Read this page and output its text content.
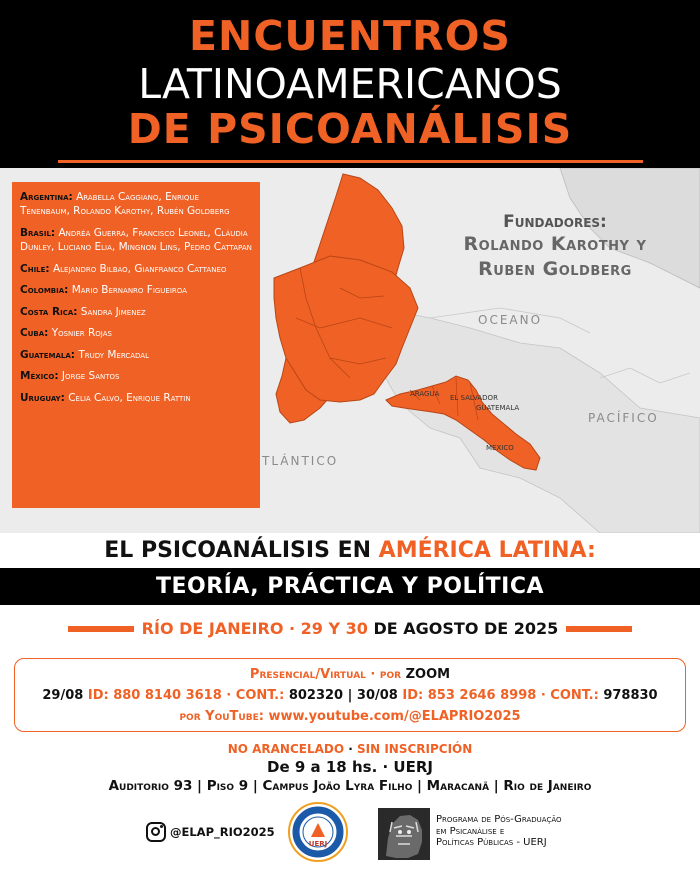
ENCUENTROS
LATINOAMERICANOS
DE PSICOANÁLISIS
OCEANO
PACÍFICO
TLÁNTICO
ARAGUA EL SALVADOR
GUATEMALA
MEXICO
Fundadores:
Rolando Karothy y
Ruben Goldberg
Argentina: Arabella Caggiano, Enrique Tenenbaum, Rolando Karothy, Rubén Goldberg
Brasil: Andréa Guerra, Francisco Leonel, Cláudia Dunley, Luciano Elia, Mingnon Lins, Pedro Cattapan
Chile: Alejandro Bilbao, Gianfranco Cattaneo
Colombia: Mario Bernanro Figueiroa
Costa Rica: Sandra Jimenez
Cuba: Yosnier Rojas
Guatemala: Trudy Mercadal
México: Jorge Santos
Uruguay: Celia Calvo, Enrique Rattin
EL PSICOANÁLISIS EN AMÉRICA LATINA:
TEORÍA, PRÁCTICA Y POLÍTICA
RÍO DE JANEIRO · 29 Y 30 DE AGOSTO DE 2025
Presencial/Virtual · por ZOOM
29/08 ID: 880 8140 3618 · CONT.: 802320 | 30/08 ID: 853 2646 8998 · CONT.: 978830
por YouTube: www.youtube.com/@ELAPRIO2025
NO ARANCELADO · SIN INSCRIPCIÓN
De 9 a 18 hs. · UERJ
Auditorio 93 | Piso 9 | Campus João Lyra Filho | Maracanã | Rio de Janeiro
@ELAP_RIO2025
UERJ
Programa de Pós-Graduação
em Psicanálise e
Políticas Públicas - UERJ
